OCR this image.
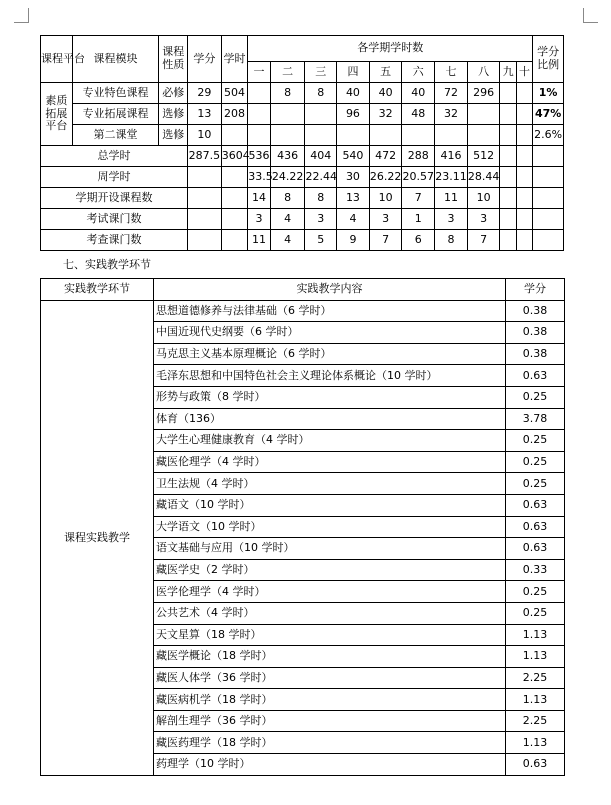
课程平台	课程模块	课程性质	学分	学时	各学期学时数										学分比例
					一	二	三	四	五	六	七	八	九	十	
素质拓展平台	专业特色课程	必修	29	504		8	8	40	40	40	72	296			1%
	专业拓展课程	选修	13	208				96	32	48	32				47%
	第二课堂	选修	10												2.6%
总学时			287.5	3604	536	436	404	540	472	288	416	512			
周学时					33.5	24.22	22.44	30	26.22	20.57	23.11	28.44			
学期开设课程数					14	8	8	13	10	7	11	10			
考试课门数					3	4	3	4	3	1	3	3			
考查课门数					11	4	5	9	7	6	8	7			
七、实践教学环节
实践教学环节	实践教学内容	学分
课程实践教学	思想道德修养与法律基础（6 学时）	0.38
	中国近现代史纲要（6 学时）	0.38
	马克思主义基本原理概论（6 学时）	0.38
	毛泽东思想和中国特色社会主义理论体系概论（10 学时）	0.63
	形势与政策（8 学时）	0.25
	体育（136）	3.78
	大学生心理健康教育（4 学时）	0.25
	藏医伦理学（4 学时）	0.25
	卫生法规（4 学时）	0.25
	藏语文（10 学时）	0.63
	大学语文（10 学时）	0.63
	语文基础与应用（10 学时）	0.63
	藏医学史（2 学时）	0.33
	医学伦理学（4 学时）	0.25
	公共艺术（4 学时）	0.25
	天文星算（18 学时）	1.13
	藏医学概论（18 学时）	1.13
	藏医人体学（36 学时）	2.25
	藏医病机学（18 学时）	1.13
	解剖生理学（36 学时）	2.25
	藏医药理学（18 学时）	1.13
	药理学（10 学时）	0.63
